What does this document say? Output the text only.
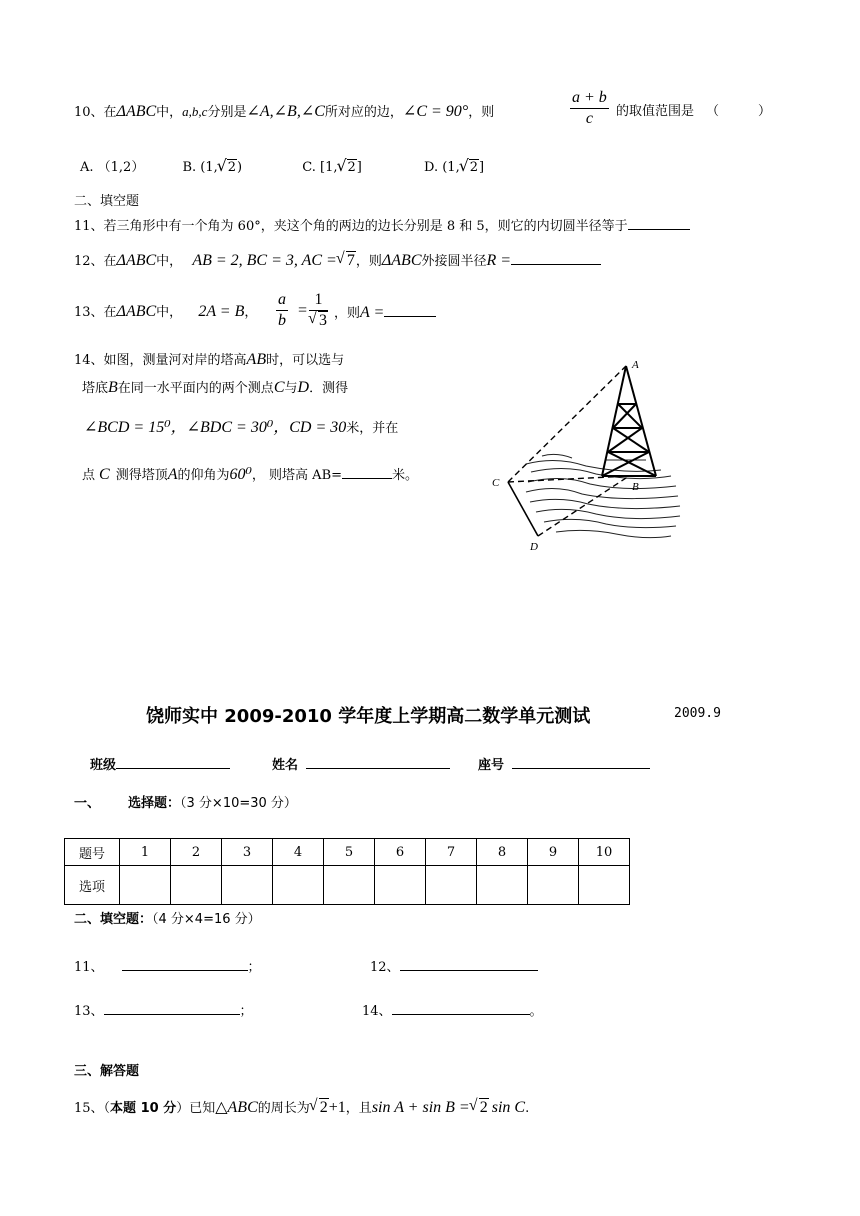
10、在ΔABC中，a,b,c分别是∠A,∠B,∠C所对应的边，∠C = 90°，则	$\frac{a + b}{c}$ 的取值范围是 （　　　）
A. （1,2）	B. (1, √ 2)	C. [1, √ 2]	D. (1, √ 2]
二、填空题
11、若三角形中有一个角为 60°，夹这个角的两边的边长分别是 8 和 5，则它的内切圆半径等于
12、在ΔABC中， AB = 2, BC = 3, AC = √ 7，则ΔABC外接圆半径R =
13、在ΔABC中， 2A = B， $\frac{a}{b} = 1$
√ 3 ，则A =
14、如图，测量河对岸的塔高AB时，可以选与
塔底B在同一水平面内的两个测点C与D．测得
∠BCD = 15⁰，∠BDC = 30⁰，CD = 30米，并在
点 C 测得塔顶A的仰角为60⁰， 则塔高 AB=	米。
A
B
C
D
饶师实中 2009-2010 学年度上学期高二数学单元测试	2009.9
班级	姓名	座号
一、 选择题：（3 分×10=30 分）
题号	1	2	3	4	5	6	7	8	9	10
选项										
二、填空题：（4 分×4=16 分）
11、	；	12、
13、	；	14、	。
三、解答题
15、（本题 10 分）已知△ABC的周长为 √ 2+1，且sin A + sin B = √ 2 sin C.
